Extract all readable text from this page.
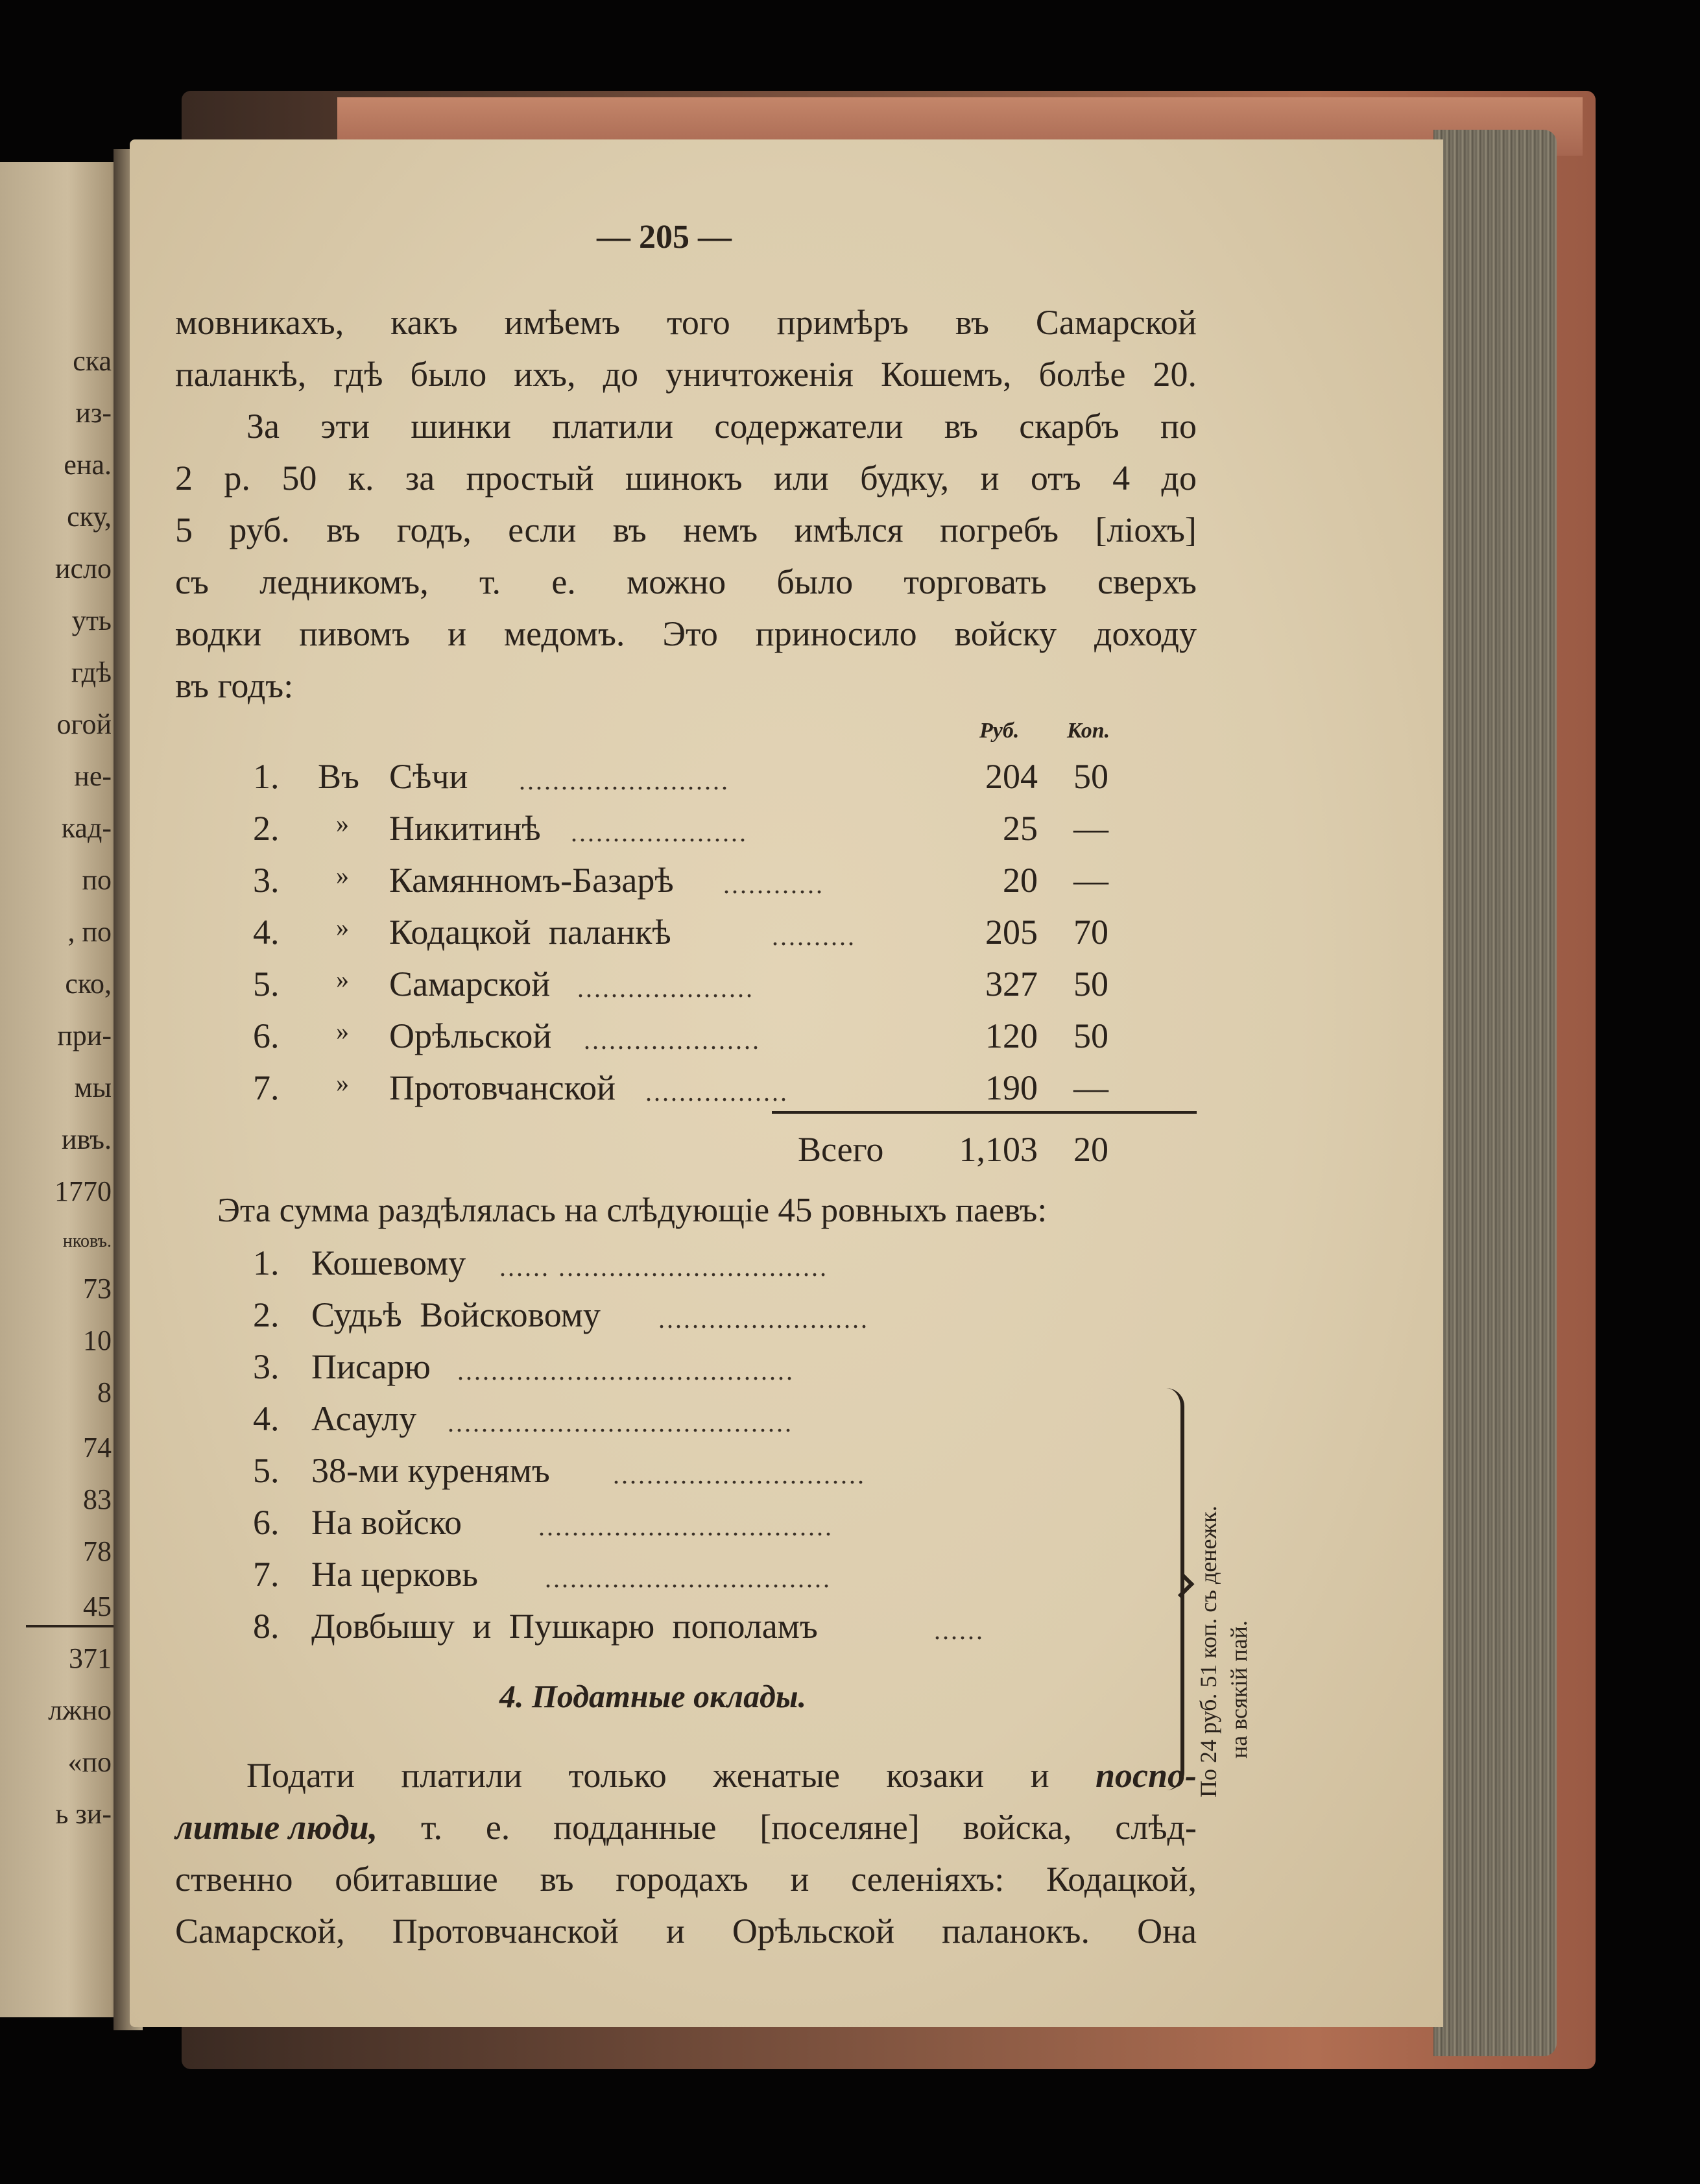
ска
из-
ена.
ску,
исло
уть
гдѣ
огой
не-
кад-
по
, по
ско,
при-
мы
ивъ.
1770
нковъ.
73
10
8
74
83
78
45
371
лжно
«по
ь зи-
— 205 —
мовникахъ, какъ имѣемъ того примѣръ въ Самарской
паланкѣ, гдѣ было ихъ, до уничтоженія Кошемъ, болѣе 20.
За эти шинки платили содержатели въ скарбъ по
2 р. 50 к. за простый шинокъ или будку, и отъ 4 до
5 руб. въ годъ, если въ немъ имѣлся погребъ [ліохъ]
съ ледникомъ, т. е. можно было торговать сверхъ
водки пивомъ и медомъ. Это приносило войску доходу
въ годъ:
Руб. Коп.
1. Въ Сѣчи .........................	204 50
2. » Никитинѣ .....................	25 —
3. » Камянномъ-Базарѣ ............	20 —
4. » Кодацкой паланкѣ	..........	205 70
5. » Самарской .....................	327 50
6. » Орѣльской .....................	120 50
7. » Протовчанской .................	190 —
Всего	1,103 20
Эта сумма раздѣлялась на слѣдующіе 45 ровныхъ паевъ:
1. Кошевому ...... ................................
2. Судьѣ Войсковому .........................
3. Писарю ........................................
4. Асаулу .........................................
5. 38-ми куренямъ ..............................
6. На войско	...................................
7. На церковь	..................................
8. Довбышу и Пушкарю пополамъ	......	По 24 руб. 51 коп. съ денежк. на всякій пай.
4. Податные оклады.
Подати платили только женатые козаки и поспо-
литые люди, т. е. подданные [поселяне] войска, слѣд-
ственно обитавшие въ городахъ и селеніяхъ: Кодацкой,
Самарской, Протовчанской и Орѣльской паланокъ. Она
